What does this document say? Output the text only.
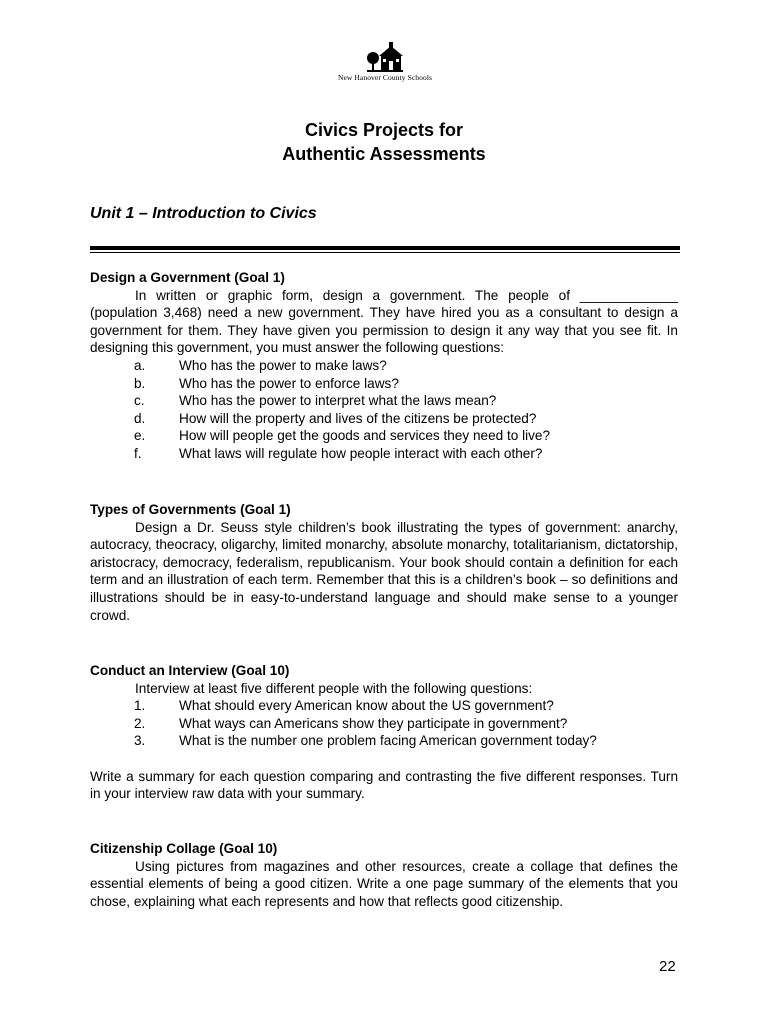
New Hanover County Schools
Civics Projects for
Authentic Assessments
Unit 1 – Introduction to Civics
Design a Government (Goal 1)
In written or graphic form, design a government. The people of _____________ (population 3,468) need a new government. They have hired you as a consultant to design a government for them. They have given you permission to design it any way that you see fit. In designing this government, you must answer the following questions:
a.	Who has the power to make laws?
b.	Who has the power to enforce laws?
c.	Who has the power to interpret what the laws mean?
d.	How will the property and lives of the citizens be protected?
e.	How will people get the goods and services they need to live?
f.	What laws will regulate how people interact with each other?
Types of Governments (Goal 1)
Design a Dr. Seuss style children’s book illustrating the types of government: anarchy, autocracy, theocracy, oligarchy, limited monarchy, absolute monarchy, totalitarianism, dictatorship, aristocracy, democracy, federalism, republicanism. Your book should contain a definition for each term and an illustration of each term. Remember that this is a children’s book – so definitions and illustrations should be in easy-to-understand language and should make sense to a younger crowd.
Conduct an Interview (Goal 10)
Interview at least five different people with the following questions:
1.	What should every American know about the US government?
2.	What ways can Americans show they participate in government?
3.	What is the number one problem facing American government today?
Write a summary for each question comparing and contrasting the five different responses. Turn in your interview raw data with your summary.
Citizenship Collage (Goal 10)
Using pictures from magazines and other resources, create a collage that defines the essential elements of being a good citizen. Write a one page summary of the elements that you chose, explaining what each represents and how that reflects good citizenship.
22
